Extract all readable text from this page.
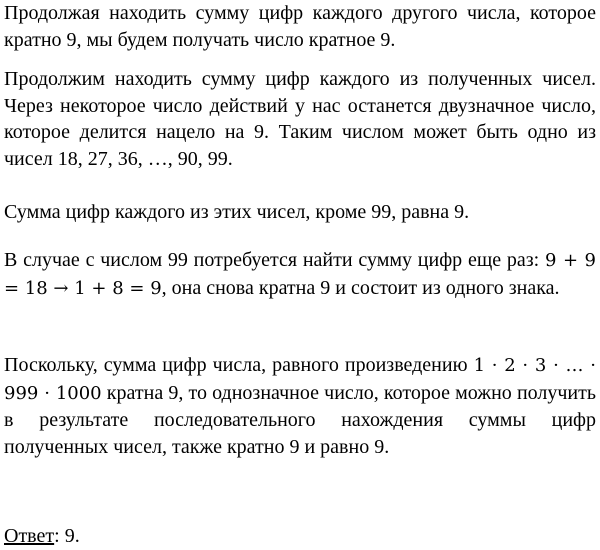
Продолжая находить сумму цифр каждого другого числа, которое кратно 9, мы будем получать число кратное 9.

Продолжим находить сумму цифр каждого из полученных чисел. Через некоторое число действий у нас останется двузначное число, которое делится нацело на 9. Таким числом может быть одно из чисел 18, 27, 36, …, 90, 99.

Сумма цифр каждого из этих чисел, кроме 99, равна 9.

В случае с числом 99 потребуется найти сумму цифр еще раз: 9 + 9 = 18 → 1 + 8 = 9, она снова кратна 9 и состоит из одного знака.

Поскольку, сумма цифр числа, равного произведению 1 · 2 · 3 · … · 999 · 1000 кратна 9, то однозначное число, которое можно получить в результате последовательного нахождения суммы цифр полученных чисел, также кратно 9 и равно 9.

Ответ: 9.
